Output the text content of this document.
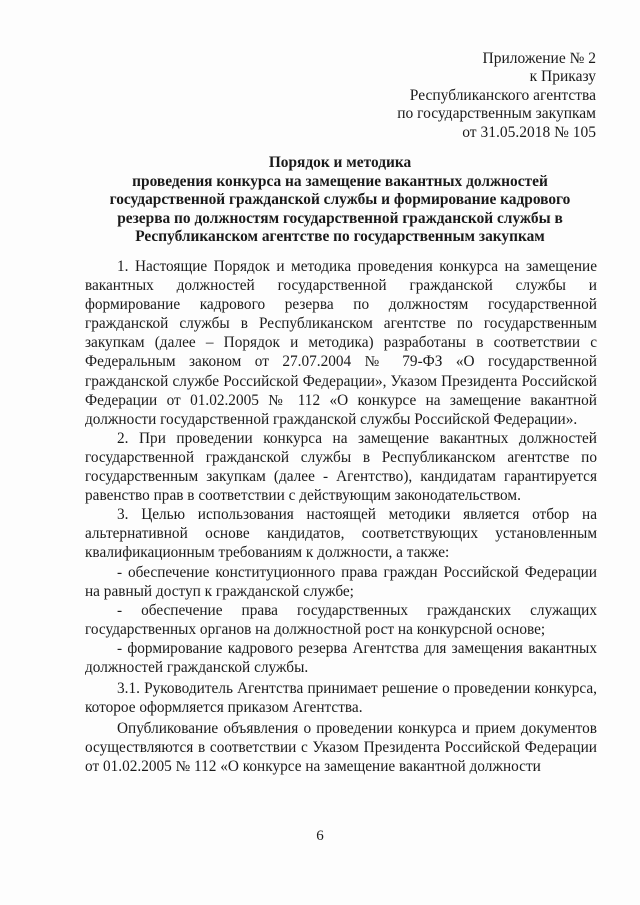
Приложение № 2
к Приказу
Республиканского агентства
по государственным закупкам
от 31.05.2018 № 105
Порядок и методика
проведения конкурса на замещение вакантных должностей
государственной гражданской службы и формирование кадрового
резерва по должностям государственной гражданской службы в
Республиканском агентстве по государственным закупкам

1. Настоящие Порядок и методика проведения конкурса на замещение вакантных должностей государственной гражданской службы и формирование кадрового резерва по должностям государственной гражданской службы в Республиканском агентстве по государственным закупкам (далее – Порядок и методика) разработаны в соответствии с Федеральным законом от 27.07.2004 № 79-ФЗ «О государственной гражданской службе Российской Федерации», Указом Президента Российской Федерации от 01.02.2005 № 112 «О конкурсе на замещение вакантной должности государственной гражданской службы Российской Федерации».

2. При проведении конкурса на замещение вакантных должностей государственной гражданской службы в Республиканском агентстве по государственным закупкам (далее - Агентство), кандидатам гарантируется равенство прав в соответствии с действующим законодательством.

3. Целью использования настоящей методики является отбор на альтернативной основе кандидатов, соответствующих установленным квалификационным требованиям к должности, а также:

- обеспечение конституционного права граждан Российской Федерации на равный доступ к гражданской службе;

- обеспечение права государственных гражданских служащих государственных органов на должностной рост на конкурсной основе;

- формирование кадрового резерва Агентства для замещения вакантных должностей гражданской службы.

3.1. Руководитель Агентства принимает решение о проведении конкурса, которое оформляется приказом Агентства.

Опубликование объявления о проведении конкурса и прием документов осуществляются в соответствии с Указом Президента Российской Федерации от 01.02.2005 № 112 «О конкурсе на замещение вакантной должности

6
